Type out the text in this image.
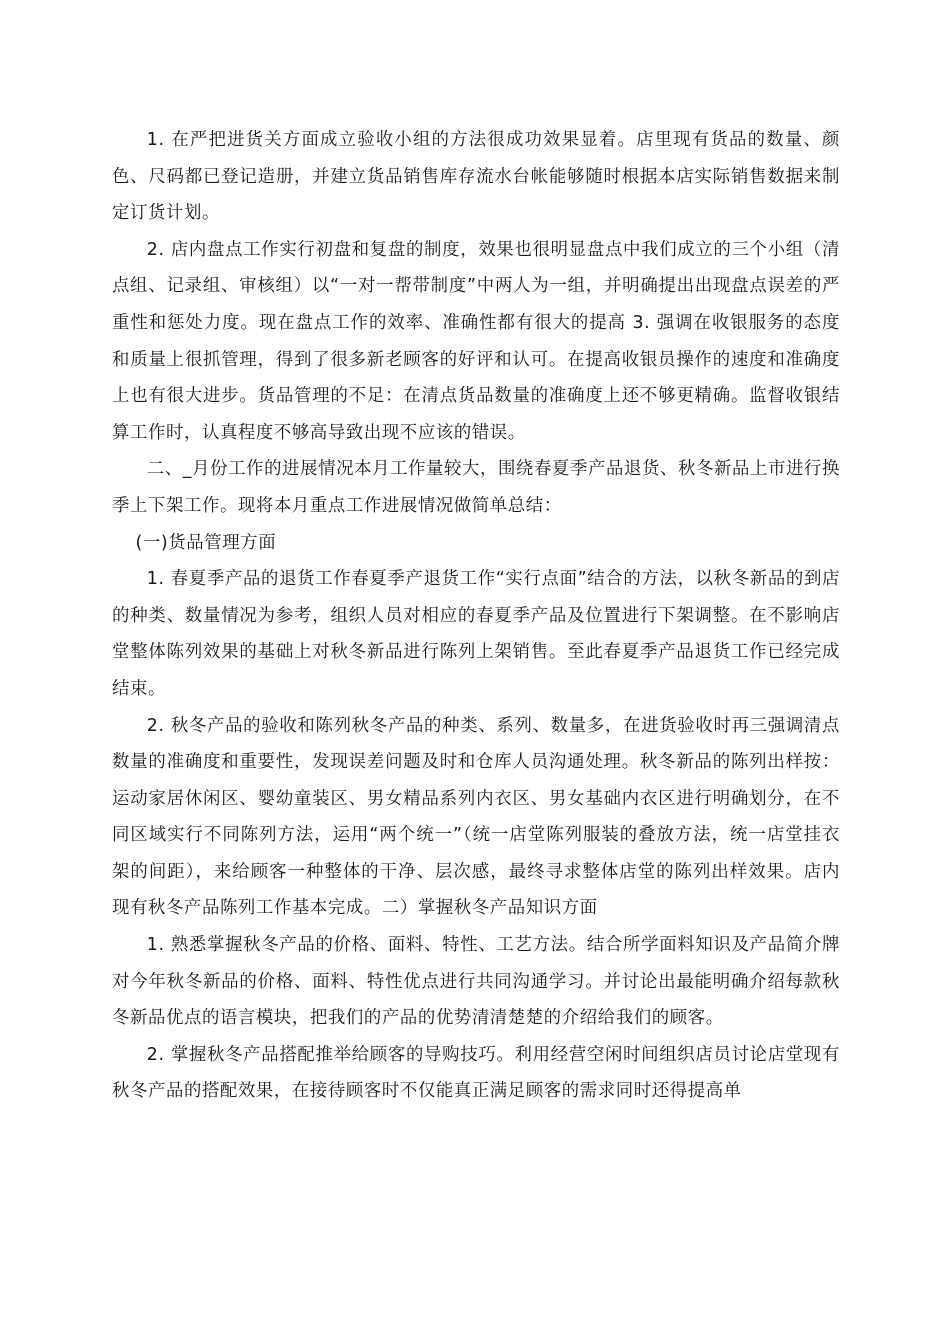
1. 在严把进货关方面成立验收小组的方法很成功效果显着。店里现有货品的数量、颜色、尺码都已登记造册，并建立货品销售库存流水台帐能够随时根据本店实际销售数据来制定订货计划。

2. 店内盘点工作实行初盘和复盘的制度，效果也很明显盘点中我们成立的三个小组（清点组、记录组、审核组）以“一对一帮带制度”中两人为一组，并明确提出出现盘点误差的严重性和惩处力度。现在盘点工作的效率、准确性都有很大的提高 3. 强调在收银服务的态度和质量上很抓管理，得到了很多新老顾客的好评和认可。在提高收银员操作的速度和准确度上也有很大进步。货品管理的不足：在清点货品数量的准确度上还不够更精确。监督收银结算工作时，认真程度不够高导致出现不应该的错误。

二、_月份工作的进展情况本月工作量较大，围绕春夏季产品退货、秋冬新品上市进行换季上下架工作。现将本月重点工作进展情况做简单总结：

(一)货品管理方面

1. 春夏季产品的退货工作春夏季产退货工作“实行点面”结合的方法，以秋冬新品的到店的种类、数量情况为参考，组织人员对相应的春夏季产品及位置进行下架调整。在不影响店堂整体陈列效果的基础上对秋冬新品进行陈列上架销售。至此春夏季产品退货工作已经完成结束。

2. 秋冬产品的验收和陈列秋冬产品的种类、系列、数量多，在进货验收时再三强调清点数量的准确度和重要性，发现误差问题及时和仓库人员沟通处理。秋冬新品的陈列出样按：运动家居休闲区、婴幼童装区、男女精品系列内衣区、男女基础内衣区进行明确划分，在不同区域实行不同陈列方法，运用“两个统一”（统一店堂陈列服装的叠放方法，统一店堂挂衣架的间距），来给顾客一种整体的干净、层次感，最终寻求整体店堂的陈列出样效果。店内现有秋冬产品陈列工作基本完成。二）掌握秋冬产品知识方面

1. 熟悉掌握秋冬产品的价格、面料、特性、工艺方法。结合所学面料知识及产品简介牌对今年秋冬新品的价格、面料、特性优点进行共同沟通学习。并讨论出最能明确介绍每款秋冬新品优点的语言模块，把我们的产品的优势清清楚楚的介绍给我们的顾客。

2. 掌握秋冬产品搭配推举给顾客的导购技巧。利用经营空闲时间组织店员讨论店堂现有秋冬产品的搭配效果，在接待顾客时不仅能真正满足顾客的需求同时还得提高单
